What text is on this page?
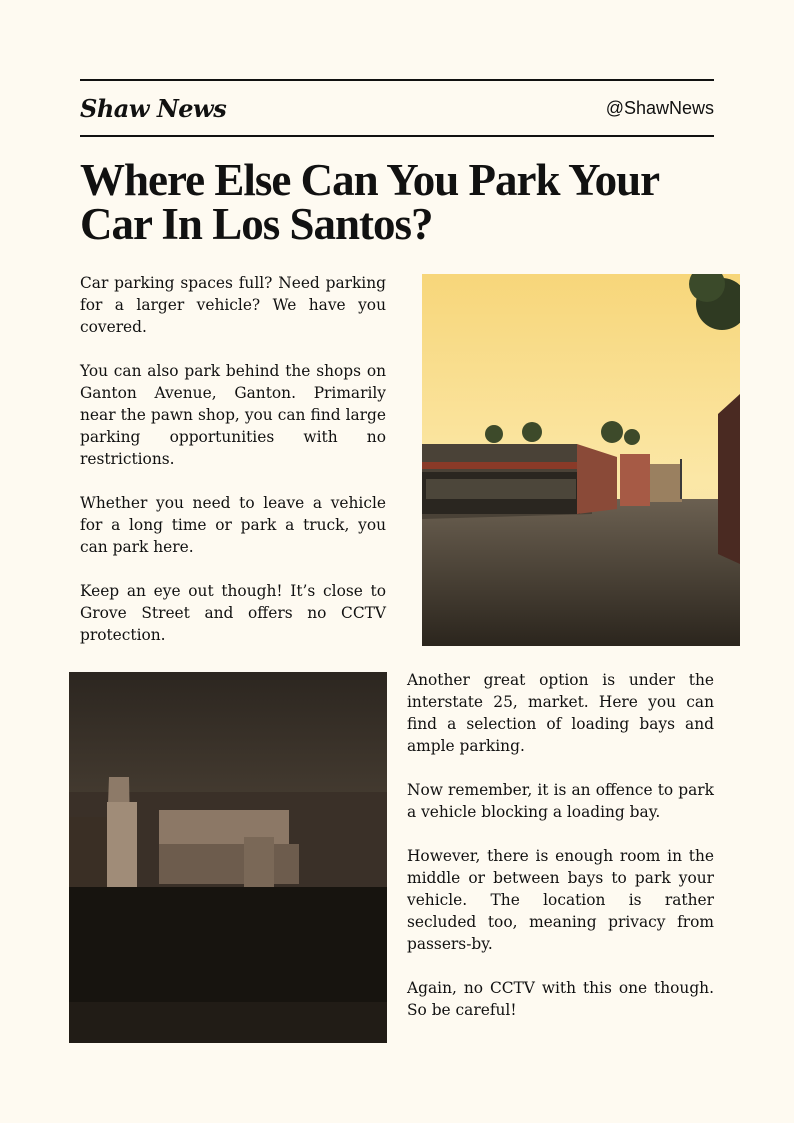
Shaw News	@ShawNews
Where Else Can You Park Your
Car In Los Santos?

Car parking spaces full? Need parking for a larger vehicle? We have you covered.

You can also park behind the shops on Ganton Avenue, Ganton. Primarily near the pawn shop, you can find large parking opportunities with no restrictions.

Whether you need to leave a vehicle for a long time or park a truck, you can park here.

Keep an eye out though! It’s close to Grove Street and offers no CCTV protection.

Another great option is under the interstate 25, market. Here you can find a selection of loading bays and ample parking.

Now remember, it is an offence to park a vehicle blocking a loading bay.

However, there is enough room in the middle or between bays to park your vehicle. The location is rather secluded too, meaning privacy from passers-by.

Again, no CCTV with this one though. So be careful!
